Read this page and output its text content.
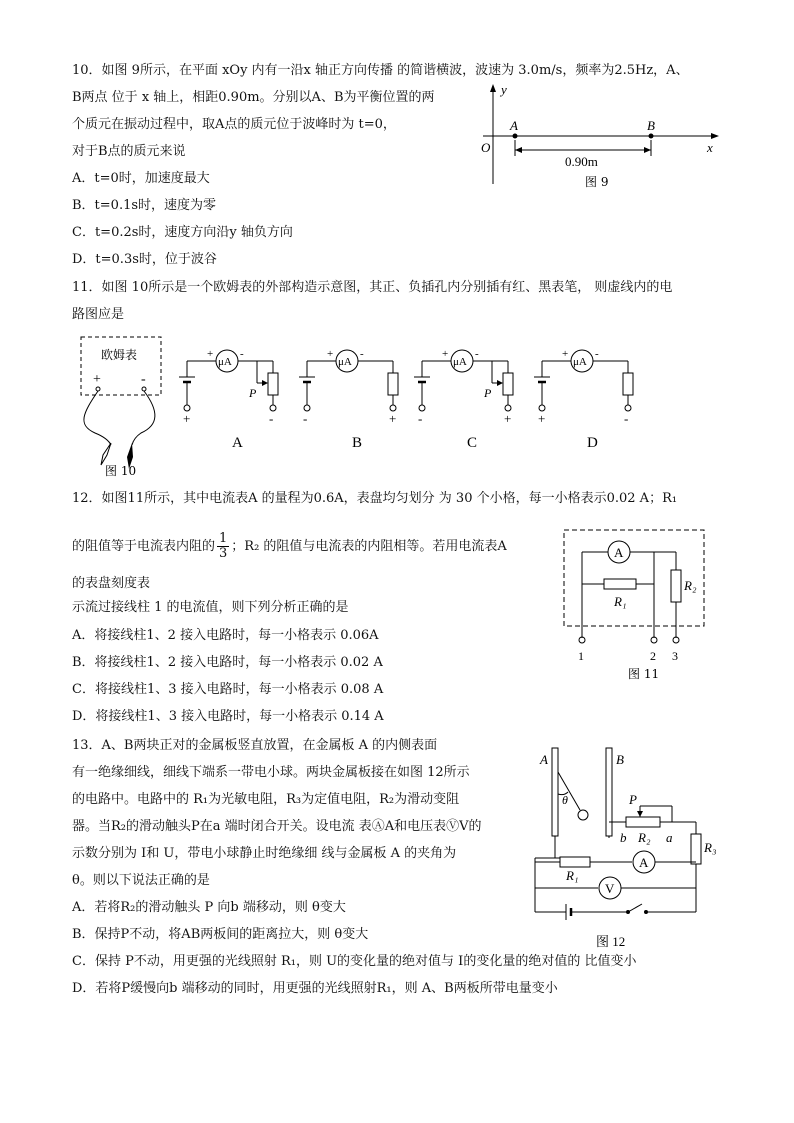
10．如图 9所示，在平面 xOy 内有一沿x 轴正方向传播 的简谐横波，波速为 3.0m/s，频率为2.5Hz，A、
B两点 位于 x 轴上，相距0.90m。分别以A、B为平衡位置的两
个质元在振动过程中，取A点的质元位于波峰时为 t=0，
对于B点的质元来说
A．t=0时，加速度最大
B．t=0.1s时，速度为零
C．t=0.2s时，速度方向沿y 轴负方向
D．t=0.3s时，位于波谷
y
x
O
A	B
0.90m
图 9
11．如图 10所示是一个欧姆表的外部构造示意图，其正、负插孔内分别插有红、黑表笔， 则虚线内的电
路图应是
欧姆表
+	-
图 10
μA
+ -
P
+	-
A
μA
+ -
-	+
B
μA
+ -
P
-	+
C
μA
+ -
+	-
D
12．如图11所示，其中电流表A 的量程为0.6A，表盘均匀划分 为 30 个小格，每一小格表示0.02 A；R₁
的阻值等于电流表内阻的 $\frac{1}{3}$ ；R₂ 的阻值与电流表的内阻相等。若用电流表A
的表盘刻度表
示流过接线柱 1 的电流值，则下列分析正确的是
A．将接线柱1、2 接入电路时，每一小格表示 0.06A
B．将接线柱1、2 接入电路时，每一小格表示 0.02 A
C．将接线柱1、3 接入电路时，每一小格表示 0.08 A
D．将接线柱1、3 接入电路时，每一小格表示 0.14 A
A
R₁
R₂
1	2 3
图 11
13．A、B两块正对的金属板竖直放置，在金属板 A 的内侧表面
有一绝缘细线，细线下端系一带电小球。两块金属板接在如图 12所示
的电路中。电路中的 R₁为光敏电阻，R₃为定值电阻，R₂为滑动变阻
器。当R₂的滑动触头P在a 端时闭合开关。设电流 表ⒶA和电压表ⓋV的
示数分别为 I和 U，带电小球静止时绝缘细 线与金属板 A 的夹角为
θ。则以下说法正确的是
A．若将R₂的滑动触头 P 向b 端移动，则 θ变大
B．保持P不动，将AB两板间的距离拉大，则 θ变大
C．保持 P不动，用更强的光线照射 R₁，则 U的变化量的绝对值与 I的变化量的绝对值的 比值变小
D．若将P缓慢向b 端移动的同时，用更强的光线照射R₁，则 A、B两板所带电量变小
A	B
θ	P
b	a
R₂
R₃
A
R₁
V
图 12
